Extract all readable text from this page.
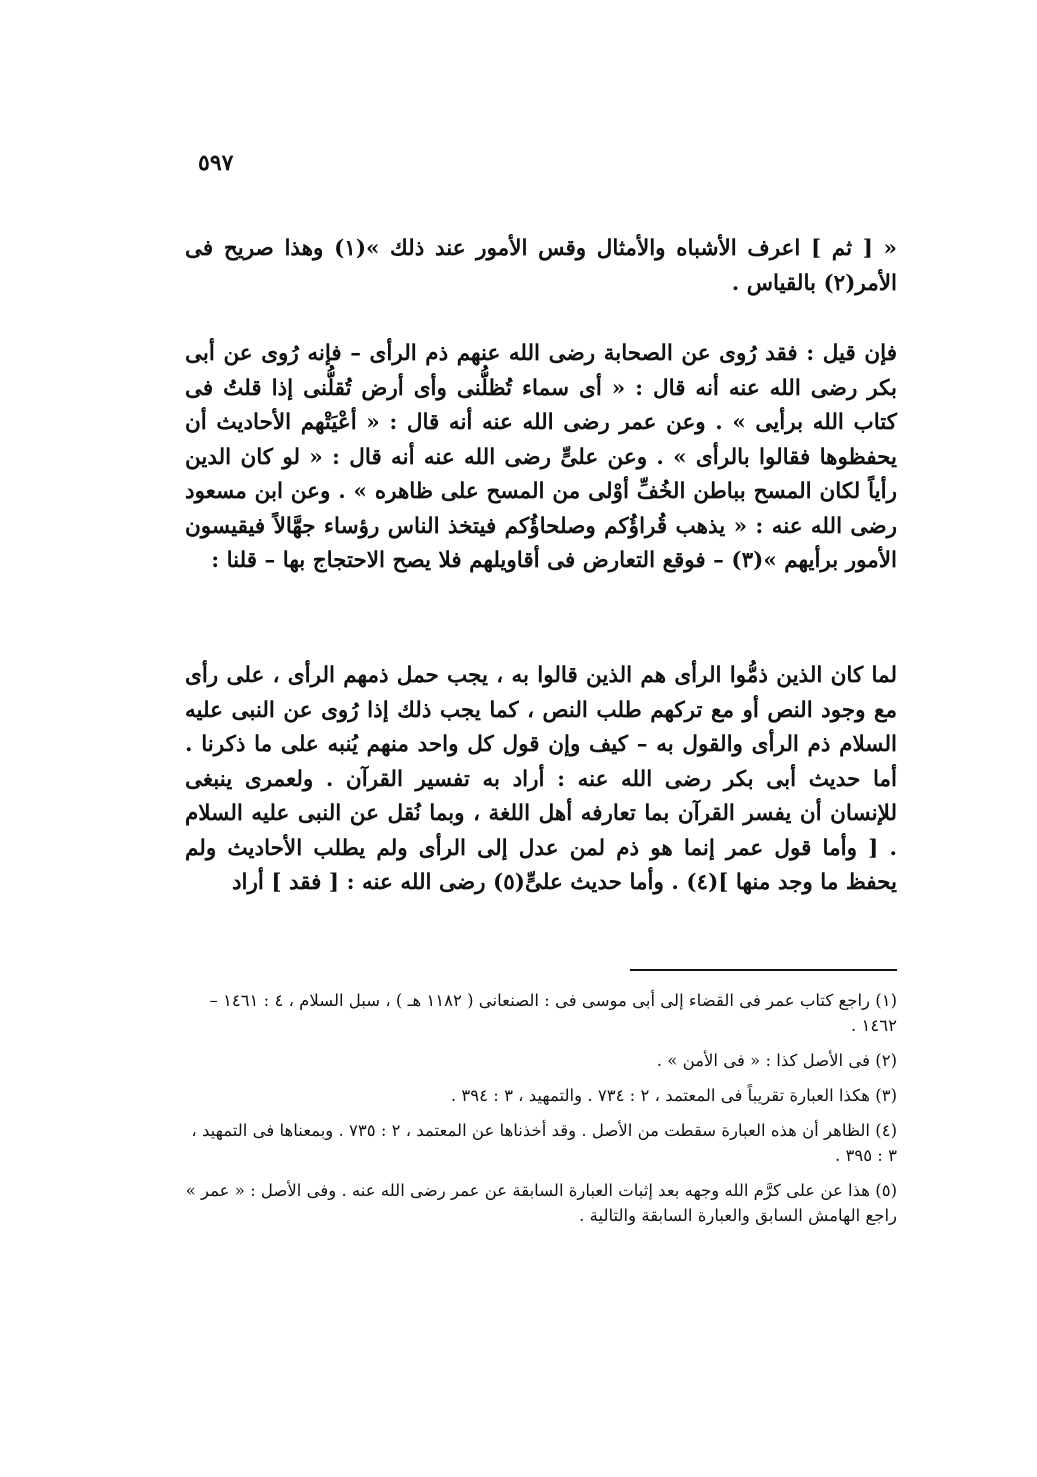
٥٩٧
« [ ثم ] اعرف الأشباه والأمثال وقس الأمور عند ذلك »(١) وهذا صريح فى الأمر(٢) بالقياس .
فإن قيل : فقد رُوى عن الصحابة رضى الله عنهم ذم الرأى – فإنه رُوى عن أبى بكر رضى الله عنه أنه قال : « أى سماء تُظلُّنى وأى أرض تُقلُّنى إذا قلتُ فى كتاب الله برأيى » . وعن عمر رضى الله عنه أنه قال : « أعْيَتْهم الأحاديث أن يحفظوها فقالوا بالرأى » . وعن علىٍّ رضى الله عنه أنه قال : « لو كان الدين رأياً لكان المسح بباطن الخُفِّ أوْلى من المسح على ظاهره » . وعن ابن مسعود رضى الله عنه : « يذهب قُراؤُكم وصلحاؤُكم فيتخذ الناس رؤساء جهَّالاً فيقيسون الأمور برأيهم »(٣) – فوقع التعارض فى أقاويلهم فلا يصح الاحتجاج بها – قلنا :
لما كان الذين ذمُّوا الرأى هم الذين قالوا به ، يجب حمل ذمهم الرأى ، على رأى مع وجود النص أو مع تركهم طلب النص ، كما يجب ذلك إذا رُوى عن النبى عليه السلام ذم الرأى والقول به – كيف وإن قول كل واحد منهم يُنبه على ما ذكرنا . أما حديث أبى بكر رضى الله عنه : أراد به تفسير القرآن . ولعمرى ينبغى للإنسان أن يفسر القرآن بما تعارفه أهل اللغة ، وبما نُقل عن النبى عليه السلام . [ وأما قول عمر إنما هو ذم لمن عدل إلى الرأى ولم يطلب الأحاديث ولم يحفظ ما وجد منها ](٤) . وأما حديث علىٍّ(٥) رضى الله عنه : [ فقد ] أراد

(١) راجع كتاب عمر فى القضاء إلى أبى موسى فى : الصنعانى ( ١١٨٢ هـ ) ، سبل السلام ، ٤ : ١٤٦١ – ١٤٦٢ .

(٢) فى الأصل كذا : « فى الأمن » .

(٣) هكذا العبارة تقريباً فى المعتمد ، ٢ : ٧٣٤ . والتمهيد ، ٣ : ٣٩٤ .

(٤) الظاهر أن هذه العبارة سقطت من الأصل . وقد أخذناها عن المعتمد ، ٢ : ٧٣٥ . وبمعناها فى التمهيد ، ٣ : ٣٩٥ .

(٥) هذا عن على كرَّم الله وجهه بعد إثبات العبارة السابقة عن عمر رضى الله عنه . وفى الأصل : « عمر » راجع الهامش السابق والعبارة السابقة والتالية .
